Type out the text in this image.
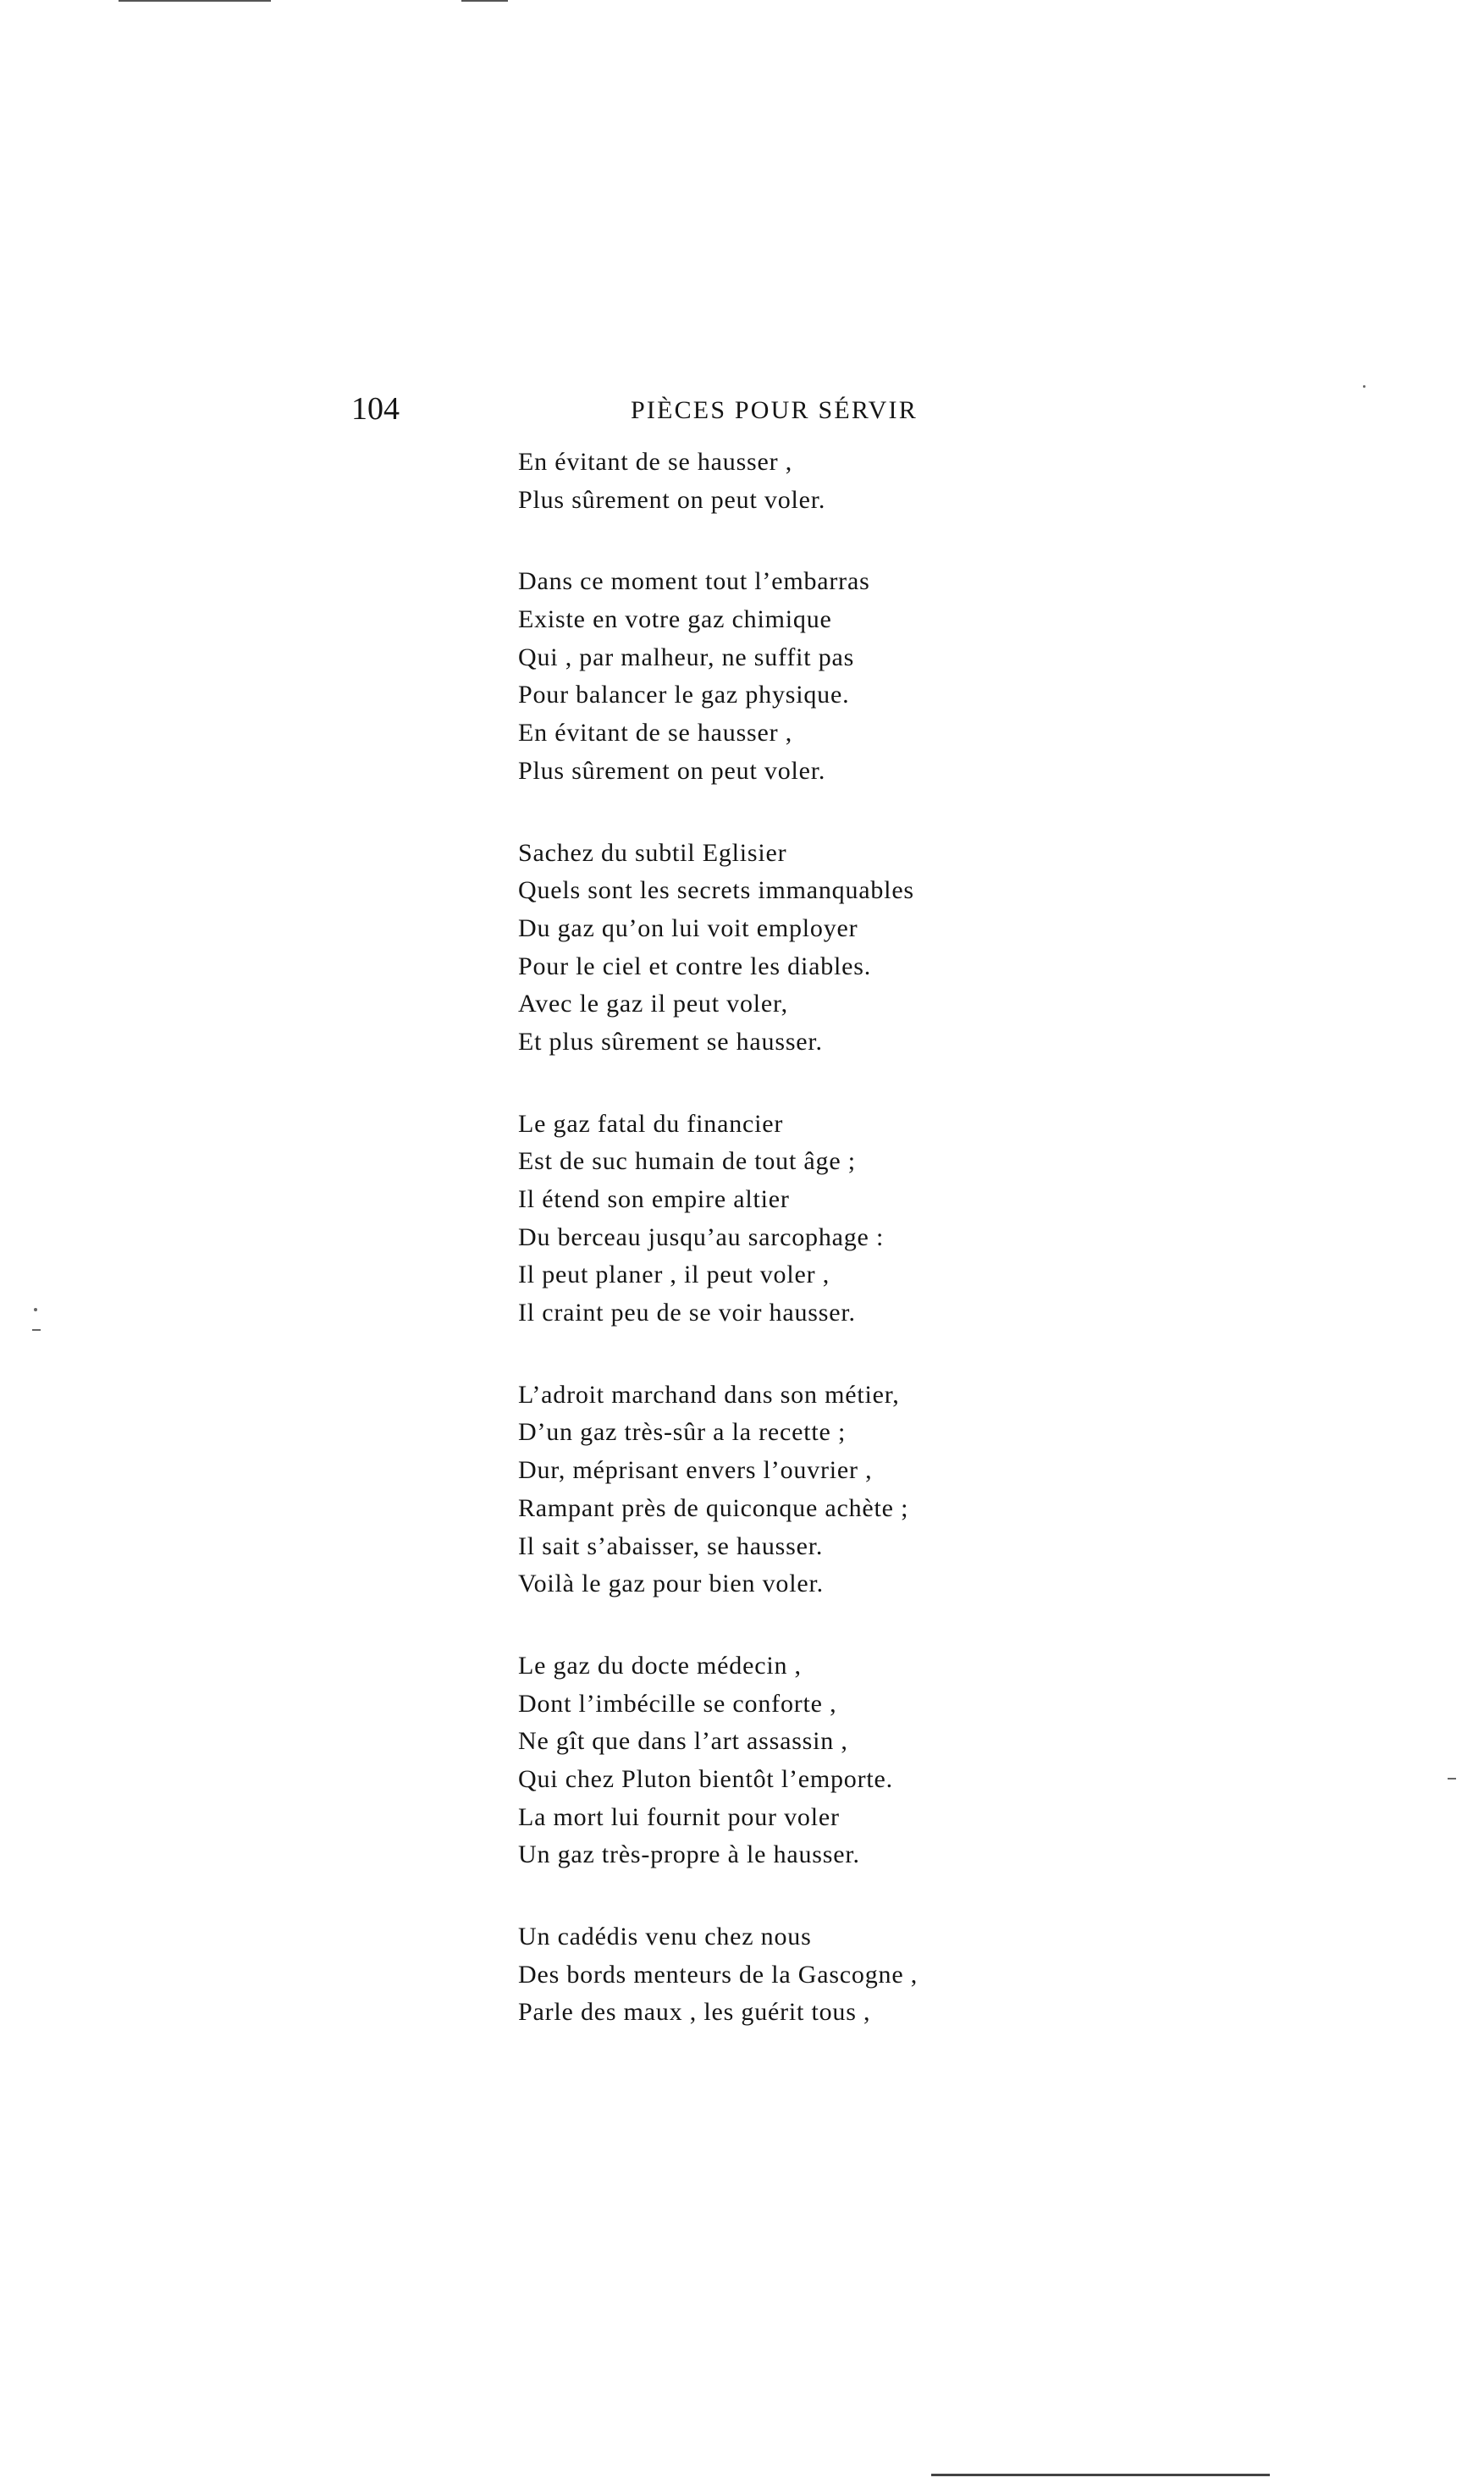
104	PIÈCES POUR SÉRVIR
En évitant de se hausser ,
Plus sûrement on peut voler.
Dans ce moment tout l’embarras
Existe en votre gaz chimique
Qui , par malheur, ne suffit pas
Pour balancer le gaz physique.
En évitant de se hausser ,
Plus sûrement on peut voler.
Sachez du subtil Eglisier
Quels sont les secrets immanquables
Du gaz qu’on lui voit employer
Pour le ciel et contre les diables.
Avec le gaz il peut voler,
Et plus sûrement se hausser.
Le gaz fatal du financier
Est de suc humain de tout âge ;
Il étend son empire altier
Du berceau jusqu’au sarcophage :
Il peut planer , il peut voler ,
Il craint peu de se voir hausser.
L’adroit marchand dans son métier,
D’un gaz très-sûr a la recette ;
Dur, méprisant envers l’ouvrier ,
Rampant près de quiconque achète ;
Il sait s’abaisser, se hausser.
Voilà le gaz pour bien voler.
Le gaz du docte médecin ,
Dont l’imbécille se conforte ,
Ne gît que dans l’art assassin ,
Qui chez Pluton bientôt l’emporte.
La mort lui fournit pour voler
Un gaz très-propre à le hausser.
Un cadédis venu chez nous
Des bords menteurs de la Gascogne ,
Parle des maux , les guérit tous ,
